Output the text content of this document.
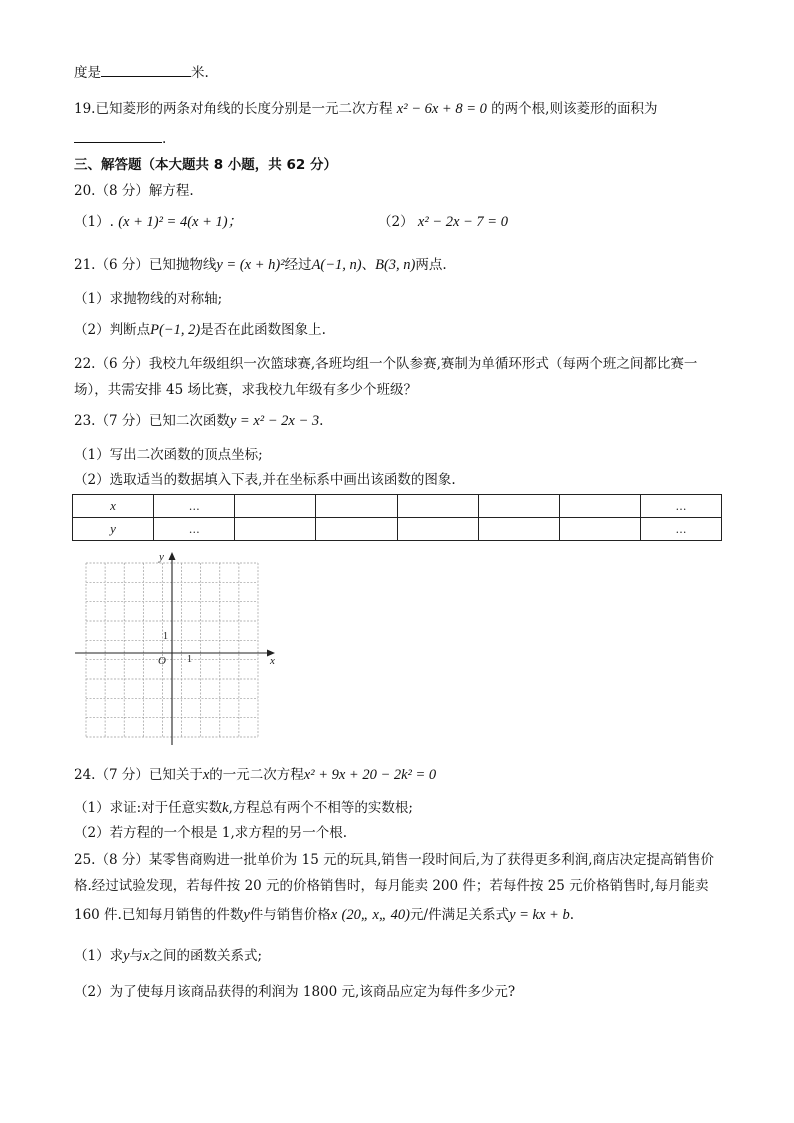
度是	米.
19.已知菱形的两条对角线的长度分别是一元二次方程 x² − 6x + 8 = 0 的两个根,则该菱形的面积为
.
三、解答题（本大题共 8 小题，共 62 分）
20.（8 分）解方程.
（1）. (x + 1)² = 4(x + 1)；	（2） x² − 2x − 7 = 0
21.（6 分）已知抛物线y = (x + h)²经过A(−1, n)、B(3, n)两点.
（1）求抛物线的对称轴;
（2）判断点P(−1, 2)是否在此函数图象上.
22.（6 分）我校九年级组织一次篮球赛,各班均组一个队参赛,赛制为单循环形式（每两个班之间都比赛一
场），共需安排 45 场比赛，求我校九年级有多少个班级？
23.（7 分）已知二次函数y = x² − 2x − 3.
（1）写出二次函数的顶点坐标;
（2）选取适当的数据填入下表,并在坐标系中画出该函数的图象.
x	…						…
y	…						…
x
y
O 1
1
24.（7 分）已知关于x的一元二次方程x² + 9x + 20 − 2k² = 0
（1）求证:对于任意实数k,方程总有两个不相等的实数根;
（2）若方程的一个根是 1,求方程的另一个根.
25.（8 分）某零售商购进一批单价为 15 元的玩具,销售一段时间后,为了获得更多利润,商店决定提高销售价
格.经过试验发现，若每件按 20 元的价格销售时，每月能卖 200 件；若每件按 25 元价格销售时,每月能卖
160 件.已知每月销售的件数y件与销售价格x (20„ x„ 40)元/件满足关系式y = kx + b.
（1）求y与x之间的函数关系式;
（2）为了使每月该商品获得的利润为 1800 元,该商品应定为每件多少元?
